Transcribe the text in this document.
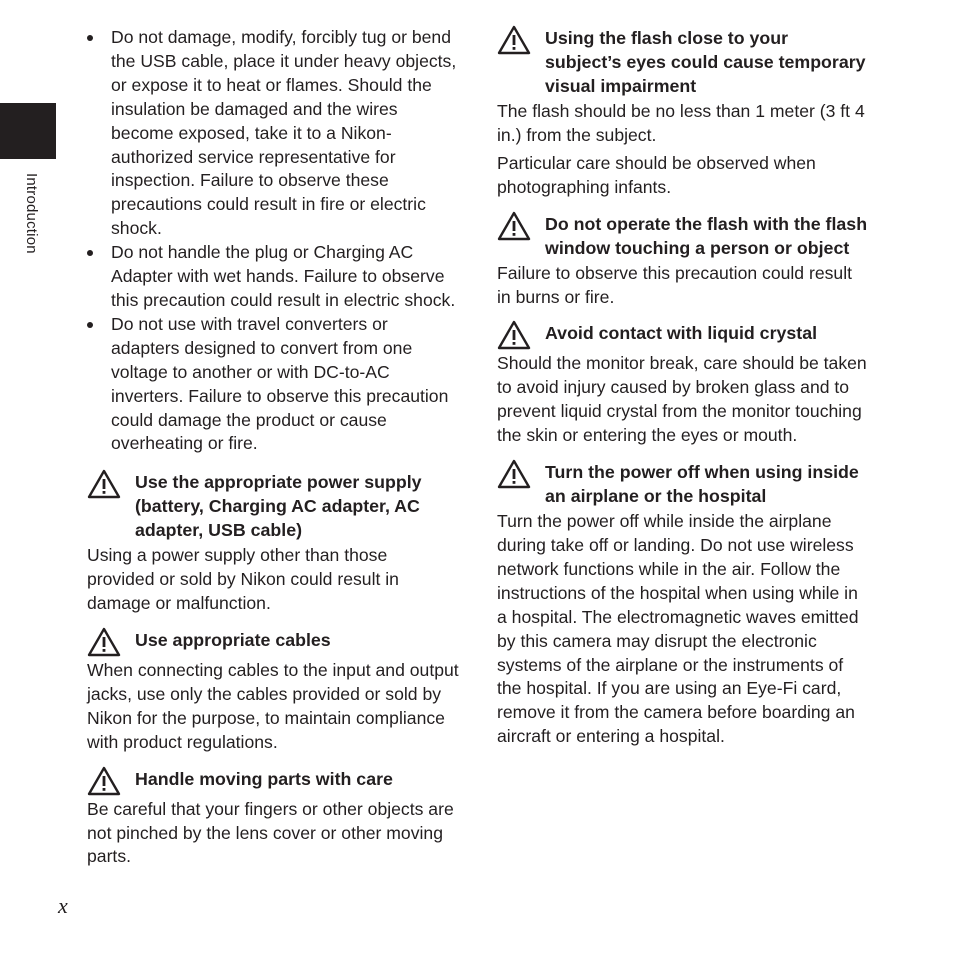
Introduction
x
Do not damage, modify, forcibly tug or bend the USB cable, place it under heavy objects, or expose it to heat or flames. Should the insulation be damaged and the wires become exposed, take it to a Nikon-authorized service representative for inspection. Failure to observe these precautions could result in fire or electric shock.
Do not handle the plug or Charging AC Adapter with wet hands. Failure to observe this precaution could result in electric shock.
Do not use with travel converters or adapters designed to convert from one voltage to another or with DC-to-AC inverters. Failure to observe this precaution could damage the product or cause overheating or fire.
Use the appropriate power supply (battery, Charging AC adapter, AC adapter, USB cable)

Using a power supply other than those provided or sold by Nikon could result in damage or malfunction.

Use appropriate cables

When connecting cables to the input and output jacks, use only the cables provided or sold by Nikon for the purpose, to maintain compliance with product regulations.

Handle moving parts with care

Be careful that your fingers or other objects are not pinched by the lens cover or other moving parts.

Using the flash close to your subject’s eyes could cause temporary visual impairment

The flash should be no less than 1 meter (3 ft 4 in.) from the subject.

Particular care should be observed when photographing infants.

Do not operate the flash with the flash window touching a person or object

Failure to observe this precaution could result in burns or fire.

Avoid contact with liquid crystal

Should the monitor break, care should be taken to avoid injury caused by broken glass and to prevent liquid crystal from the monitor touching the skin or entering the eyes or mouth.

Turn the power off when using inside an airplane or the hospital

Turn the power off while inside the airplane during take off or landing. Do not use wireless network functions while in the air. Follow the instructions of the hospital when using while in a hospital. The electromagnetic waves emitted by this camera may disrupt the electronic systems of the airplane or the instruments of the hospital. If you are using an Eye-Fi card, remove it from the camera before boarding an aircraft or entering a hospital.
